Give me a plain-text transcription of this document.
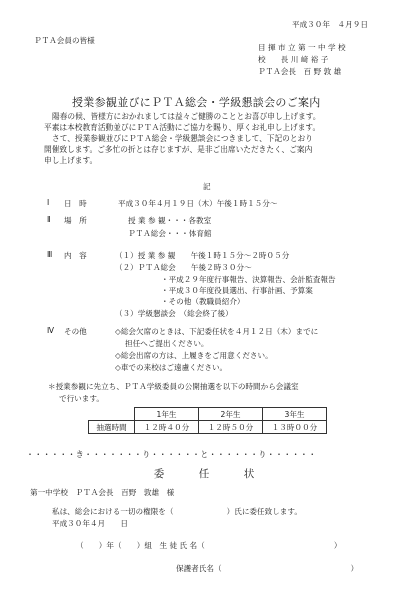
平成３０年　４月９日
ＰＴＡ会員の皆様
目 揮 市 立 第 一 中 学 校
校　　長 川 﨑 裕 子
ＰＴＡ会長　百 野 敦 雄
授業参観並びにＰＴＡ総会・学級懇談会のご案内
陽春の候、皆様方におかれましては益々ご健勝のこととお喜び申し上げます。
平素は本校教育活動並びにＰＴＡ活動にご協力を賜り、厚くお礼申し上げます。
さて、授業参観並びにＰＴＡ総会・学級懇談会につきまして、下記のとおり
開催致します。ご多忙の折とは存じますが、是非ご出席いただきたく、ご案内
申し上げます。
記
Ⅰ 日　時	平成３０年４月１９日（木）午後１時１５分～
Ⅱ 場　所	授 業 参 観・・・各教室
ＰＴＡ総会・・・体育館
Ⅲ 内　容	（１）授 業 参 観　　午後１時１５分～２時０５分
（２）ＰＴＡ総会　　午後２時３０分～
・平成２９年度行事報告、決算報告、会計監査報告
・平成３０年度役員選出、行事計画、予算案
・その他（教職員紹介）
（３）学級懇談会　（総会終了後）
Ⅳ その他	◇総会欠席のときは、下記委任状を４月１２日（木）までに
担任へご提出ください。
◇総会出席の方は、上履きをご用意ください。
◇車での来校はご遠慮ください。
＊授業参観に先立ち、ＰＴＡ学級委員の公開抽選を以下の時間から会議室
で行います。
	1年生	2年生	3年生
抽選時間	１２時４０分	１２時５０分	１３時００分
・・・・・・き・・・・・・・り・・・・・・と・・・・・・り・・・・・・
委　任　状
第一中学校　ＰＴＡ会長　百野　敦雄　様
私は、総会における一切の権限を（　　　　　　　）氏に委任致します。
平成３０年４月　　日
（　　）年（　　）組　生 徒 氏 名（　　　　　　　　　　　　　　　　　）
保護者氏名（　　　　　　　　　　　　　　　　　）
